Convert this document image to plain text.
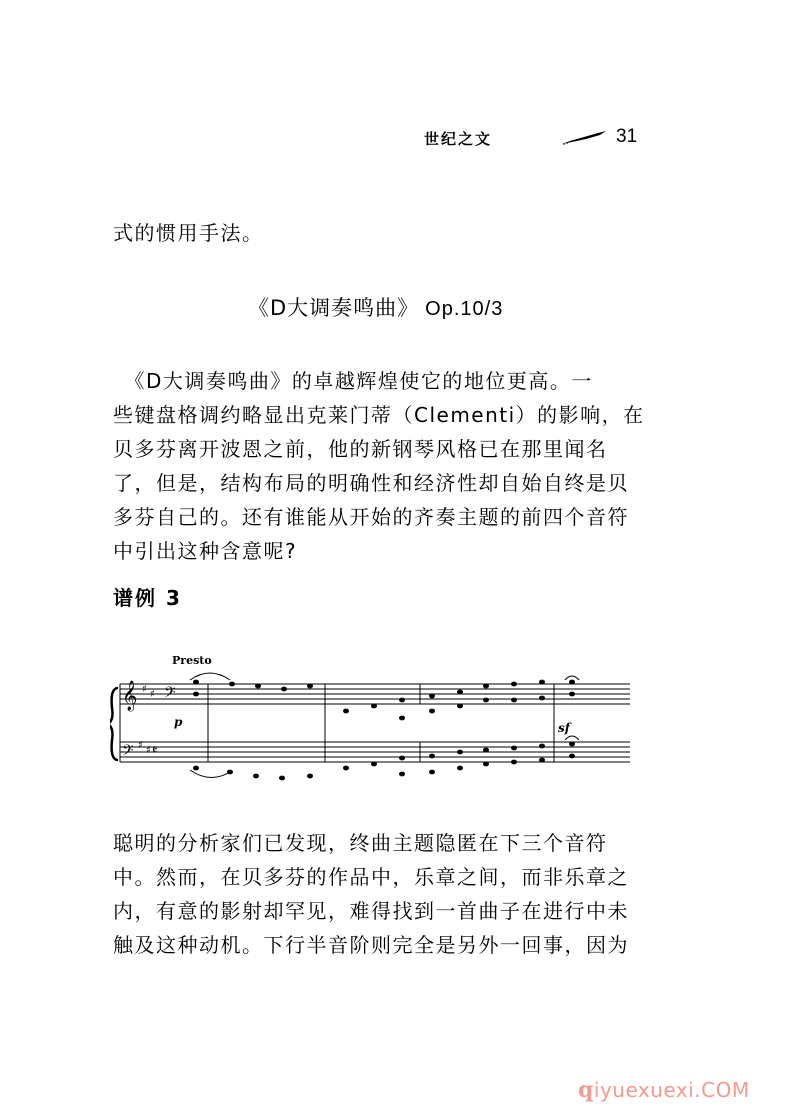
世纪之文	31
式的惯用手法。
《D大调奏鸣曲》 Op.10/3
　《D大调奏鸣曲》的卓越辉煌使它的地位更高。一
些键盘格调约略显出克莱门蒂（Clementi）的影响，在
贝多芬离开波恩之前，他的新钢琴风格已在那里闻名
了，但是，结构布局的明确性和经济性却自始自终是贝
多芬自己的。还有谁能从开始的齐奏主题的前四个音符
中引出这种含意呢?
谱例 3
Presto
𝄞 ♯ ♯ 𝄢
𝄢 ♯ ♯ 𝄵
p	sf
聪明的分析家们已发现，终曲主题隐匿在下三个音符
中。然而，在贝多芬的作品中，乐章之间，而非乐章之
内，有意的影射却罕见，难得找到一首曲子在进行中未
触及这种动机。下行半音阶则完全是另外一回事，因为
qiyuexuexi.COM
